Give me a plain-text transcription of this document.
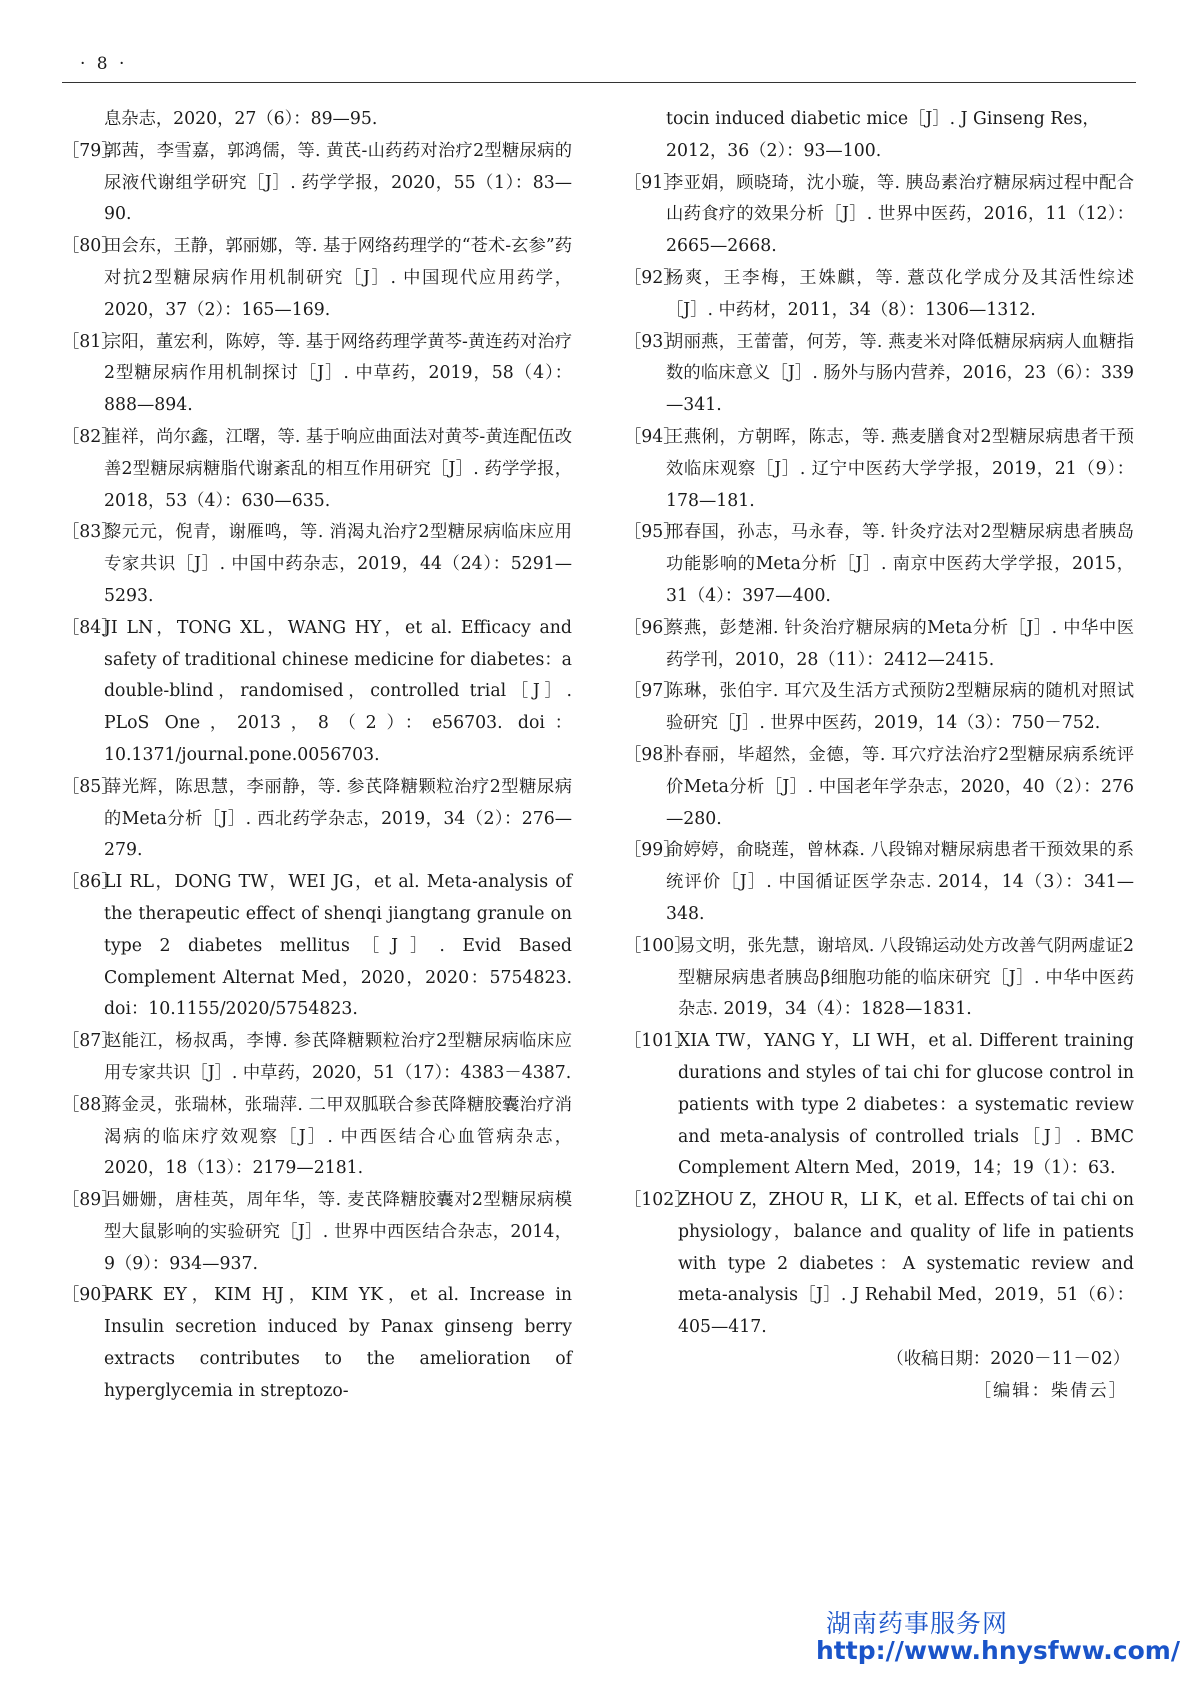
· 8 ·
息杂志，2020，27（6）：89—95.
［79］
郭茜，李雪嘉，郭鸿儒，等. 黄芪-山药药对治疗2型糖尿病的尿液代谢组学研究［J］. 药学学报，2020，55（1）：83—90.
［80］
田会东，王静，郭丽娜，等. 基于网络药理学的“苍术-玄参”药对抗2型糖尿病作用机制研究［J］. 中国现代应用药学，2020，37（2）：165—169.
［81］
宗阳，董宏利，陈婷，等. 基于网络药理学黄芩-黄连药对治疗2型糖尿病作用机制探讨［J］. 中草药，2019，58（4）：888—894.
［82］
崔祥，尚尔鑫，江曙，等. 基于响应曲面法对黄芩-黄连配伍改善2型糖尿病糖脂代谢紊乱的相互作用研究［J］. 药学学报，2018，53（4）：630—635.
［83］
黎元元，倪青，谢雁鸣，等. 消渴丸治疗2型糖尿病临床应用专家共识［J］. 中国中药杂志，2019，44（24）：5291—5293.
［84］
JI LN，TONG XL，WANG HY，et al. Efficacy and safety of traditional chinese medicine for diabetes：a double-blind，randomised，controlled trial［J］. PLoS One，2013，8（2）：e56703. doi：10.1371/journal.pone.0056703.
［85］
薛光辉，陈思慧，李丽静，等. 参芪降糖颗粒治疗2型糖尿病的Meta分析［J］. 西北药学杂志，2019，34（2）：276—279.
［86］
LI RL，DONG TW，WEI JG，et al. Meta-analysis of the therapeutic effect of shenqi jiangtang granule on type 2 diabetes mellitus［J］. Evid Based Complement Alternat Med，2020，2020：5754823. doi：10.1155/2020/5754823.
［87］
赵能江，杨叔禹，李博. 参芪降糖颗粒治疗2型糖尿病临床应用专家共识［J］. 中草药，2020，51（17）：4383－4387.
［88］
蒋金灵，张瑞林，张瑞萍. 二甲双胍联合参芪降糖胶囊治疗消渴病的临床疗效观察［J］. 中西医结合心血管病杂志，2020，18（13）：2179—2181.
［89］
吕姗姗，唐桂英，周年华，等. 麦芪降糖胶囊对2型糖尿病模型大鼠影响的实验研究［J］. 世界中西医结合杂志，2014，9（9）：934—937.
［90］
PARK EY，KIM HJ，KIM YK，et al. Increase in Insulin secretion induced by Panax ginseng berry extracts contributes to the amelioration of hyperglycemia in streptozo-
tocin induced diabetic mice［J］. J Ginseng Res，2012，36（2）：93—100.
［91］
李亚娟，顾晓琦，沈小璇，等. 胰岛素治疗糖尿病过程中配合山药食疗的效果分析［J］. 世界中医药，2016，11（12）：2665—2668.
［92］
杨爽，王李梅，王姝麒，等. 薏苡化学成分及其活性综述［J］. 中药材，2011，34（8）：1306—1312.
［93］
胡丽燕，王蕾蕾，何芳，等. 燕麦米对降低糖尿病病人血糖指数的临床意义［J］. 肠外与肠内营养，2016，23（6）：339—341.
［94］
王燕俐，方朝晖，陈志，等. 燕麦膳食对2型糖尿病患者干预效临床观察［J］. 辽宁中医药大学学报，2019，21（9）：178—181.
［95］
邢春国，孙志，马永春，等. 针灸疗法对2型糖尿病患者胰岛功能影响的Meta分析［J］. 南京中医药大学学报，2015，31（4）：397—400.
［96］
蔡燕，彭楚湘. 针灸治疗糖尿病的Meta分析［J］. 中华中医药学刊，2010，28（11）：2412—2415.
［97］
陈琳，张伯宇. 耳穴及生活方式预防2型糖尿病的随机对照试验研究［J］. 世界中医药，2019，14（3）：750－752.
［98］
朴春丽，毕超然，金德，等. 耳穴疗法治疗2型糖尿病系统评价Meta分析［J］. 中国老年学杂志，2020，40（2）：276—280.
［99］
俞婷婷，俞晓莲，曾林森. 八段锦对糖尿病患者干预效果的系统评价［J］. 中国循证医学杂志. 2014，14（3）：341—348.
［100］
易文明，张先慧，谢培凤. 八段锦运动处方改善气阴两虚证2型糖尿病患者胰岛β细胞功能的临床研究［J］. 中华中医药杂志. 2019，34（4）：1828—1831.
［101］
XIA TW，YANG Y，LI WH，et al. Different training durations and styles of tai chi for glucose control in patients with type 2 diabetes：a systematic review and meta-analysis of controlled trials［J］. BMC Complement Altern Med，2019，14；19（1）：63.
［102］
ZHOU Z，ZHOU R，LI K，et al. Effects of tai chi on physiology，balance and quality of life in patients with type 2 diabetes：A systematic review and meta-analysis［J］. J Rehabil Med，2019，51（6）：405—417.
（收稿日期：2020－11－02）
［编辑：柴倩云］
湖南药事服务网
http://www.hnysfww.com/
